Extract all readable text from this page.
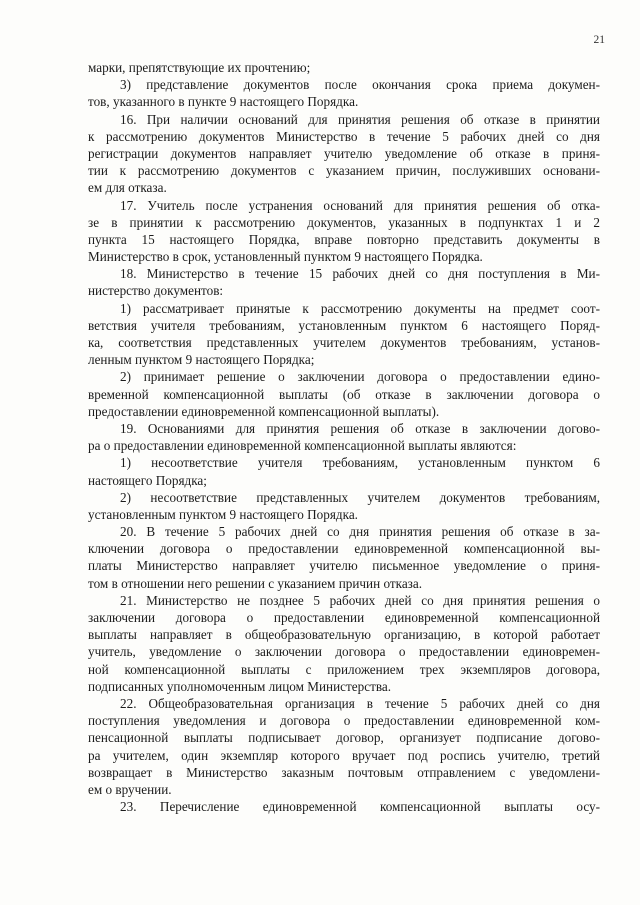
21
марки, препятствующие их прочтению;
3) представление документов после окончания срока приема докумен-
тов, указанного в пункте 9 настоящего Порядка.
16. При наличии оснований для принятия решения об отказе в принятии
к рассмотрению документов Министерство в течение 5 рабочих дней со дня
регистрации документов направляет учителю уведомление об отказе в приня-
тии к рассмотрению документов с указанием причин, послуживших основани-
ем для отказа.
17. Учитель после устранения оснований для принятия решения об отка-
зе в принятии к рассмотрению документов, указанных в подпунктах 1 и 2
пункта 15 настоящего Порядка, вправе повторно представить документы в
Министерство в срок, установленный пунктом 9 настоящего Порядка.
18. Министерство в течение 15 рабочих дней со дня поступления в Ми-
нистерство документов:
1) рассматривает принятые к рассмотрению документы на предмет соот-
ветствия учителя требованиям, установленным пунктом 6 настоящего Поряд-
ка, соответствия представленных учителем документов требованиям, установ-
ленным пунктом 9 настоящего Порядка;
2) принимает решение о заключении договора о предоставлении едино-
временной компенсационной выплаты (об отказе в заключении договора о
предоставлении единовременной компенсационной выплаты).
19. Основаниями для принятия решения об отказе в заключении догово-
ра о предоставлении единовременной компенсационной выплаты являются:
1) несоответствие учителя требованиям, установленным пунктом 6
настоящего Порядка;
2) несоответствие представленных учителем документов требованиям,
установленным пунктом 9 настоящего Порядка.
20. В течение 5 рабочих дней со дня принятия решения об отказе в за-
ключении договора о предоставлении единовременной компенсационной вы-
платы Министерство направляет учителю письменное уведомление о приня-
том в отношении него решении с указанием причин отказа.
21. Министерство не позднее 5 рабочих дней со дня принятия решения о
заключении договора о предоставлении единовременной компенсационной
выплаты направляет в общеобразовательную организацию, в которой работает
учитель, уведомление о заключении договора о предоставлении единовремен-
ной компенсационной выплаты с приложением трех экземпляров договора,
подписанных уполномоченным лицом Министерства.
22. Общеобразовательная организация в течение 5 рабочих дней со дня
поступления уведомления и договора о предоставлении единовременной ком-
пенсационной выплаты подписывает договор, организует подписание догово-
ра учителем, один экземпляр которого вручает под роспись учителю, третий
возвращает в Министерство заказным почтовым отправлением с уведомлени-
ем о вручении.
23. Перечисление единовременной компенсационной выплаты осу-
